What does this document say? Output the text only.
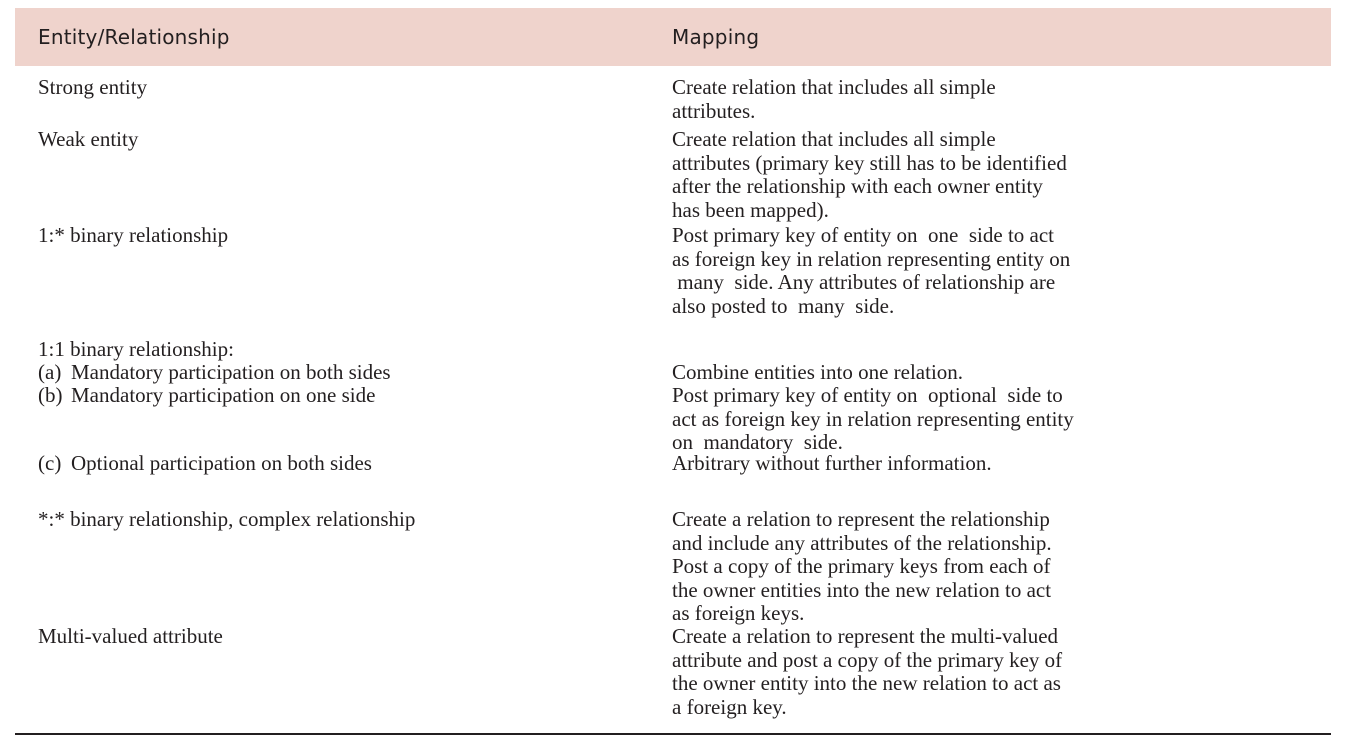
Entity/Relationship	Mapping
Strong entity	Create relation that includes all simple
attributes.
Weak entity	Create relation that includes all simple
attributes (primary key still has to be identified
after the relationship with each owner entity
has been mapped).
1:* binary relationship	Post primary key of entity on  one  side to act
as foreign key in relation representing entity on
many  side. Any attributes of relationship are
also posted to  many  side.
1:1 binary relationship:
(a) Mandatory participation on both sides	Combine entities into one relation.
(b) Mandatory participation on one side	Post primary key of entity on  optional  side to
act as foreign key in relation representing entity
on  mandatory  side.
(c) Optional participation on both sides	Arbitrary without further information.
*:* binary relationship, complex relationship	Create a relation to represent the relationship
and include any attributes of the relationship.
Post a copy of the primary keys from each of
the owner entities into the new relation to act
as foreign keys.
Multi-valued attribute	Create a relation to represent the multi-valued
attribute and post a copy of the primary key of
the owner entity into the new relation to act as
a foreign key.
